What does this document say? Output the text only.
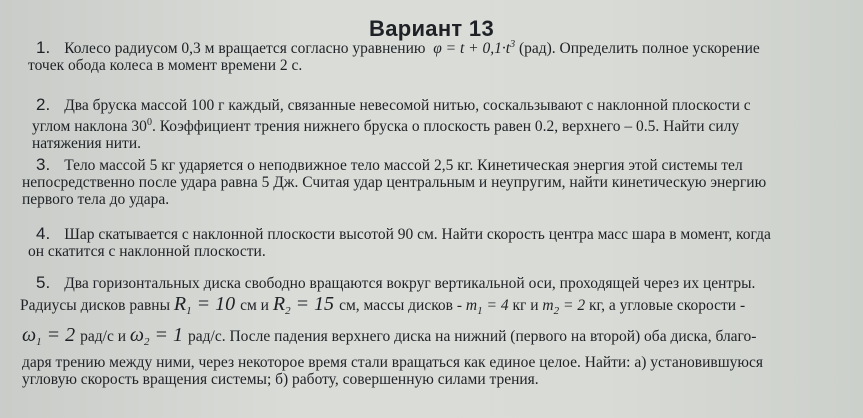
Вариант 13
1. Колесо радиусом 0,3 м вращается согласно уравнению $\varphi = t + 0,1\cdot t^3$ (рад). Определить полное ускорение
точек обода колеса в момент времени 2 с.
2. Два бруска массой 100 г каждый, связанные невесомой нитью, соскальзывают с наклонной плоскости с
углом наклона $30^0$. Коэффициент трения нижнего бруска о плоскость равен 0.2, верхнего – 0.5. Найти силу
натяжения нити.
3. Тело массой 5 кг ударяется о неподвижное тело массой 2,5 кг. Кинетическая энергия этой системы тел
непосредственно после удара равна 5 Дж. Считая удар центральным и неупругим, найти кинетическую энергию
первого тела до удара.
4. Шар скатывается с наклонной плоскости высотой 90 см. Найти скорость центра масс шара в момент, когда
он скатится с наклонной плоскости.
5. Два горизонтальных диска свободно вращаются вокруг вертикальной оси, проходящей через их центры.
Радиусы дисков равны $R_1 = 10$ см и $R_2 = 15$ см, массы дисков - $m_1 = 4$ кг и $m_2 = 2$ кг, а угловые скорости -
$\omega_1 = 2$ рад/с и $\omega_2 = 1$ рад/с. После падения верхнего диска на нижний (первого на второй) оба диска, благо-
даря трению между ними, через некоторое время стали вращаться как единое целое. Найти: а) установившуюся
угловую скорость вращения системы; б) работу, совершенную силами трения.
